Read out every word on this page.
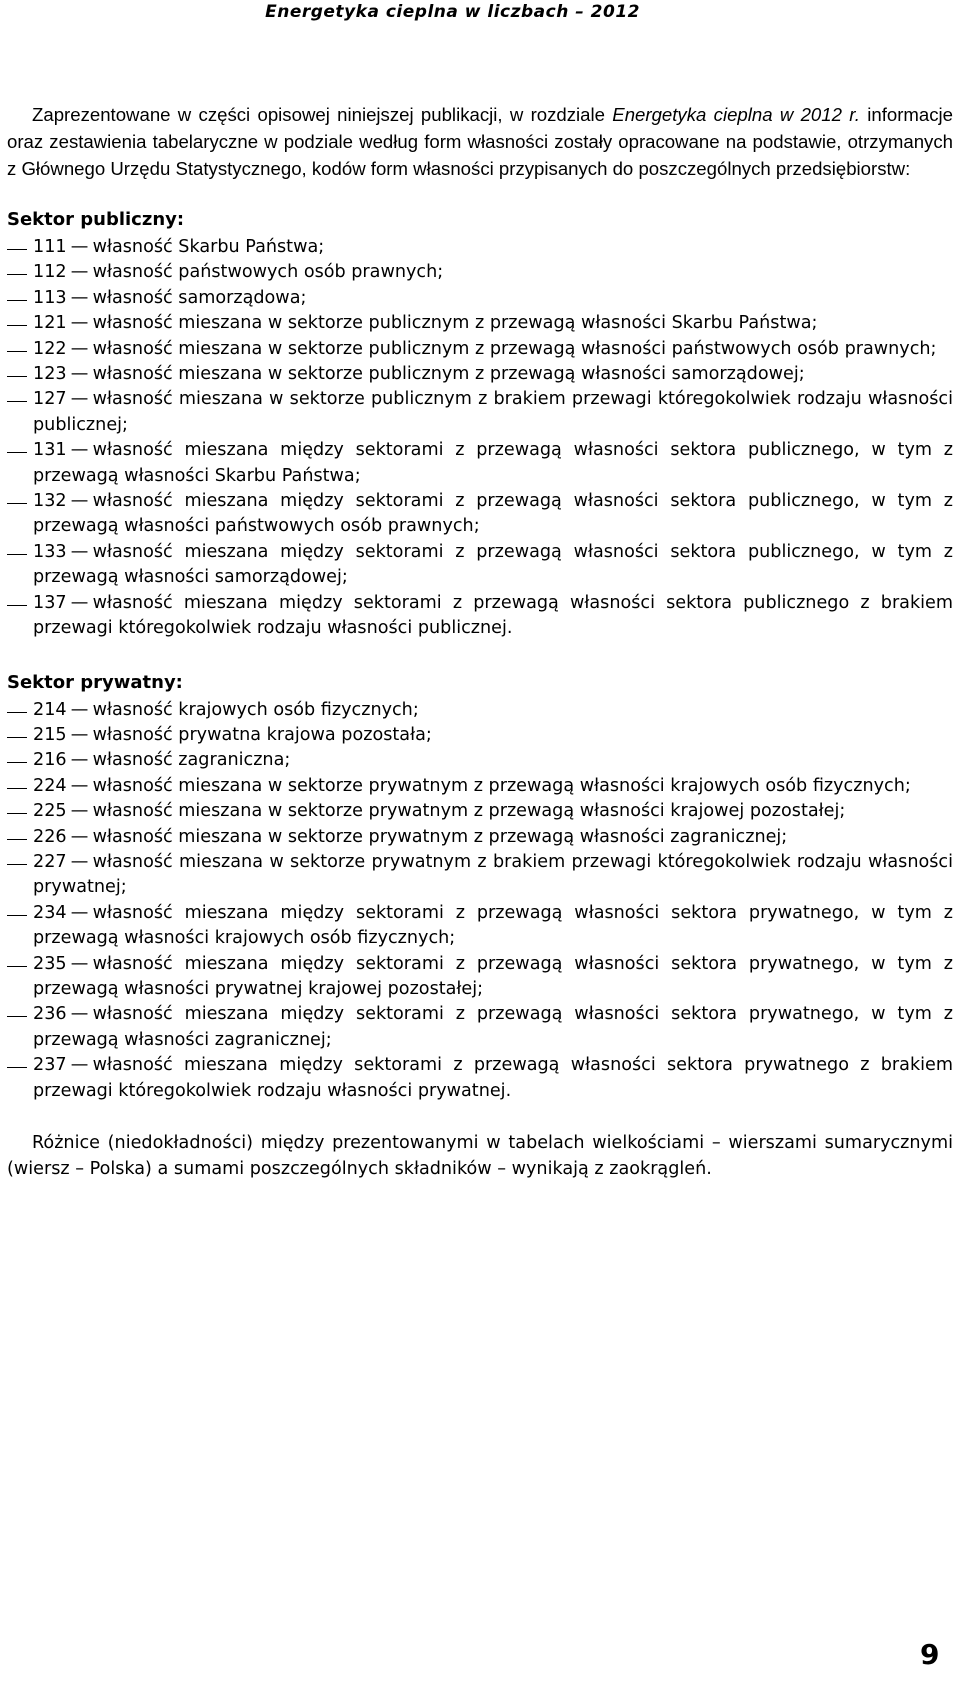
Energetyka cieplna w liczbach – 2012

Zaprezentowane w części opisowej niniejszej publikacji, w rozdziale Energetyka cieplna w 2012 r. informacje oraz zestawienia tabelaryczne w podziale według form własności zostały opracowane na podstawie, otrzymanych z Głównego Urzędu Statystycznego, kodów form własności przypisanych do poszczególnych przedsiębiorstw:

Sektor publiczny:
111 — własność Skarbu Państwa;
112 — własność państwowych osób prawnych;
113 — własność samorządowa;
121 — własność mieszana w sektorze publicznym z przewagą własności Skarbu Państwa;
122 — własność mieszana w sektorze publicznym z przewagą własności państwowych osób prawnych;
123 — własność mieszana w sektorze publicznym z przewagą własności samorządowej;
127 — własność mieszana w sektorze publicznym z brakiem przewagi któregokolwiek rodzaju własności publicznej;
131 — własność mieszana między sektorami z przewagą własności sektora publicznego, w tym z przewagą własności Skarbu Państwa;
132 — własność mieszana między sektorami z przewagą własności sektora publicznego, w tym z przewagą własności państwowych osób prawnych;
133 — własność mieszana między sektorami z przewagą własności sektora publicznego, w tym z przewagą własności samorządowej;
137 — własność mieszana między sektorami z przewagą własności sektora publicznego z brakiem przewagi któregokolwiek rodzaju własności publicznej.
Sektor prywatny:
214 — własność krajowych osób fizycznych;
215 — własność prywatna krajowa pozostała;
216 — własność zagraniczna;
224 — własność mieszana w sektorze prywatnym z przewagą własności krajowych osób fizycznych;
225 — własność mieszana w sektorze prywatnym z przewagą własności krajowej pozostałej;
226 — własność mieszana w sektorze prywatnym z przewagą własności zagranicznej;
227 — własność mieszana w sektorze prywatnym z brakiem przewagi któregokolwiek rodzaju własności prywatnej;
234 — własność mieszana między sektorami z przewagą własności sektora prywatnego, w tym z przewagą własności krajowych osób fizycznych;
235 — własność mieszana między sektorami z przewagą własności sektora prywatnego, w tym z przewagą własności prywatnej krajowej pozostałej;
236 — własność mieszana między sektorami z przewagą własności sektora prywatnego, w tym z przewagą własności zagranicznej;
237 — własność mieszana między sektorami z przewagą własności sektora prywatnego z brakiem przewagi któregokolwiek rodzaju własności prywatnej.

Różnice (niedokładności) między prezentowanymi w tabelach wielkościami – wierszami sumarycznymi (wiersz – Polska) a sumami poszczególnych składników – wynikają z zaokrągleń.

9
